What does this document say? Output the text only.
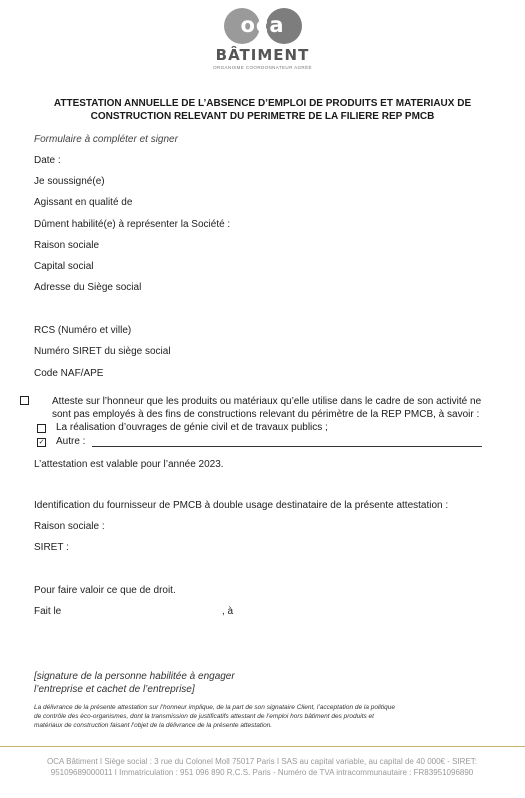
oca
BÂTIMENT
ORGANISME COORDONNATEUR AGRÉÉ
ATTESTATION ANNUELLE DE L’ABSENCE D’EMPLOI DE PRODUITS ET MATERIAUX DE
CONSTRUCTION RELEVANT DU PERIMETRE DE LA FILIERE REP PMCB
Formulaire à compléter et signer
Date :
Je soussigné(e)
Agissant en qualité de
Dûment habilité(e) à représenter la Société :
Raison sociale
Capital social
Adresse du Siège social
RCS (Numéro et ville)
Numéro SIRET du siège social
Code NAF/APE
Atteste sur l’honneur que les produits ou matériaux qu’elle utilise dans le cadre de son activité ne
sont pas employés à des fins de constructions relevant du périmètre de la REP PMCB, à savoir :
La réalisation d’ouvrages de génie civil et de travaux publics ;
✓ Autre :
L’attestation est valable pour l’année 2023.
Identification du fournisseur de PMCB à double usage destinataire de la présente attestation :
Raison sociale :
SIRET :
Pour faire valoir ce que de droit.
Fait le	, à
[signature de la personne habilitée à engager
l’entreprise et cachet de l’entreprise]
La délivrance de la présente attestation sur l’honneur implique, de la part de son signataire Client, l’acceptation de la politique
de contrôle des éco-organismes, dont la transmission de justificatifs attestant de l’emploi hors bâtiment des produits et
matériaux de construction faisant l’objet de la délivrance de la présente attestation.
OCA Bâtiment I Siège social : 3 rue du Colonel Moll 75017 Paris I SAS au capital variable, au capital de 40 000€ - SIRET:
95109689000011 I Immatriculation : 951 096 890 R.C.S. Paris - Numéro de TVA intracommunautaire : FR83951096890
